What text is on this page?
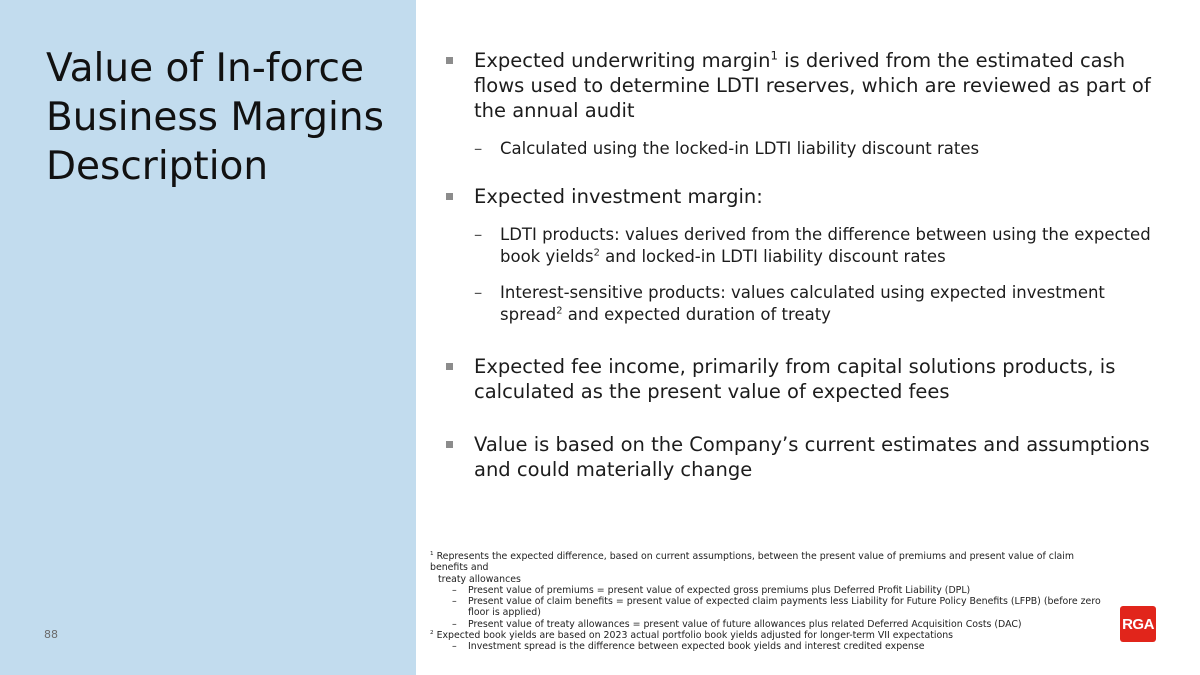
Value of In-force Business Margins Description
88
Expected underwriting margin$^1$ is derived from the estimated cash flows used to determine LDTI reserves, which are reviewed as part of the annual audit
– Calculated using the locked-in LDTI liability discount rates
Expected investment margin:
– LDTI products: values derived from the difference between using the expected book yields$^2$ and locked-in LDTI liability discount rates
– Interest-sensitive products: values calculated using expected investment spread$^2$ and expected duration of treaty
Expected fee income, primarily from capital solutions products, is calculated as the present value of expected fees
Value is based on the Company’s current estimates and assumptions and could materially change

$^1$ Represents the expected difference, based on current assumptions, between the present value of premiums and present value of claim benefits and

treaty allowances

– Present value of premiums = present value of expected gross premiums plus Deferred Profit Liability (DPL)

– Present value of claim benefits = present value of expected claim payments less Liability for Future Policy Benefits (LFPB) (before zero floor is applied)

– Present value of treaty allowances = present value of future allowances plus related Deferred Acquisition Costs (DAC)

$^2$ Expected book yields are based on 2023 actual portfolio book yields adjusted for longer-term VII expectations

– Investment spread is the difference between expected book yields and interest credited expense

RGA
